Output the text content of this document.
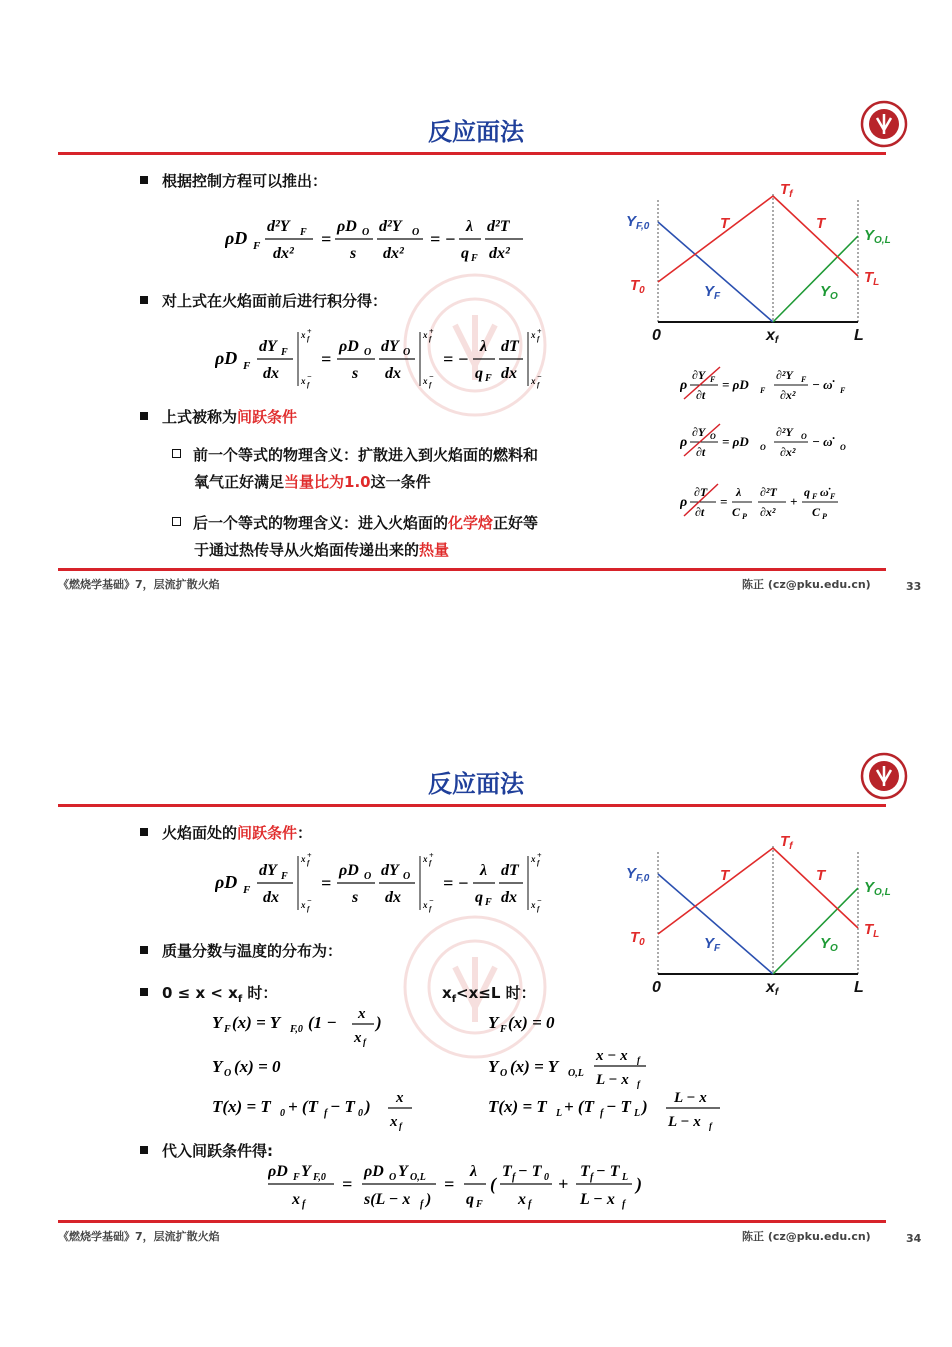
反应面法
根据控制方程可以推出：
ρD F
d²Y F
dx²
=
ρD O
s
d²Y O
dx²
= −
λ
q F
d²T
dx²
对上式在火焰面前后进行积分得：
ρD F
dY F
dx
x f
+
x f
−
=
ρD O
s
dY O
dx
x f
+
x f
−
= −
λ
q F
dT
dx
x f
+
x f
−
上式被称为间跃条件
前一个等式的物理含义：扩散进入到火焰面的燃料和
氧气正好满足当量比为1.0这一条件
后一个等式的物理含义：进入火焰面的化学焓正好等
于通过热传导从火焰面传递出来的热量
$Y_{F,0}$
$T_0$
$T_f$
T	T
$Y_{O,L}$
$T_L$
$Y_F$	$Y_O$
0	xf	L
ρ
∂Y F
∂t
= ρD F
∂²Y F
∂x²
− ω̇ F
ρ
∂Y O
∂t
= ρD O
∂²Y O
∂x²
− ω̇ O
ρ
∂T
∂t
=
λ
C P
∂²T
∂x²
+
q F ω̇ F
C P
《燃烧学基础》7，层流扩散火焰	陈正 (cz@pku.edu.cn)	33
反应面法
火焰面处的间跃条件：
ρD F
dY F
dx
x f
+
x f
−
=
ρD O
s
dY O
dx
x f
+
x f
−
= −
λ
q F
dT
dx
x f
+
x f
−
质量分数与温度的分布为：
$0 \le x < x_f$ 时：	$x_f<x\le L$ 时：
Y F (x) = Y F,0 (1 − x
x f
)
Y O (x) = 0
T(x) = T 0 + (T f − T 0 ) x
x f
Y F (x) = 0
Y O (x) = Y O,L
x − x f
L − x f
T(x) = T L + (T f − T L ) L − x
L − x f
代入间跃条件得:
ρD F Y F,0
x f
=
ρD O Y O,L
s(L − x f )
=
λ
q F
(
T f − T 0
x f
+
T f − T L
L − x f
)
$Y_{F,0}$
$T_0$
$T_f$
T	T
$Y_{O,L}$
$T_L$
$Y_F$	$Y_O$
0	xf	L
《燃烧学基础》7，层流扩散火焰	陈正 (cz@pku.edu.cn)	34
